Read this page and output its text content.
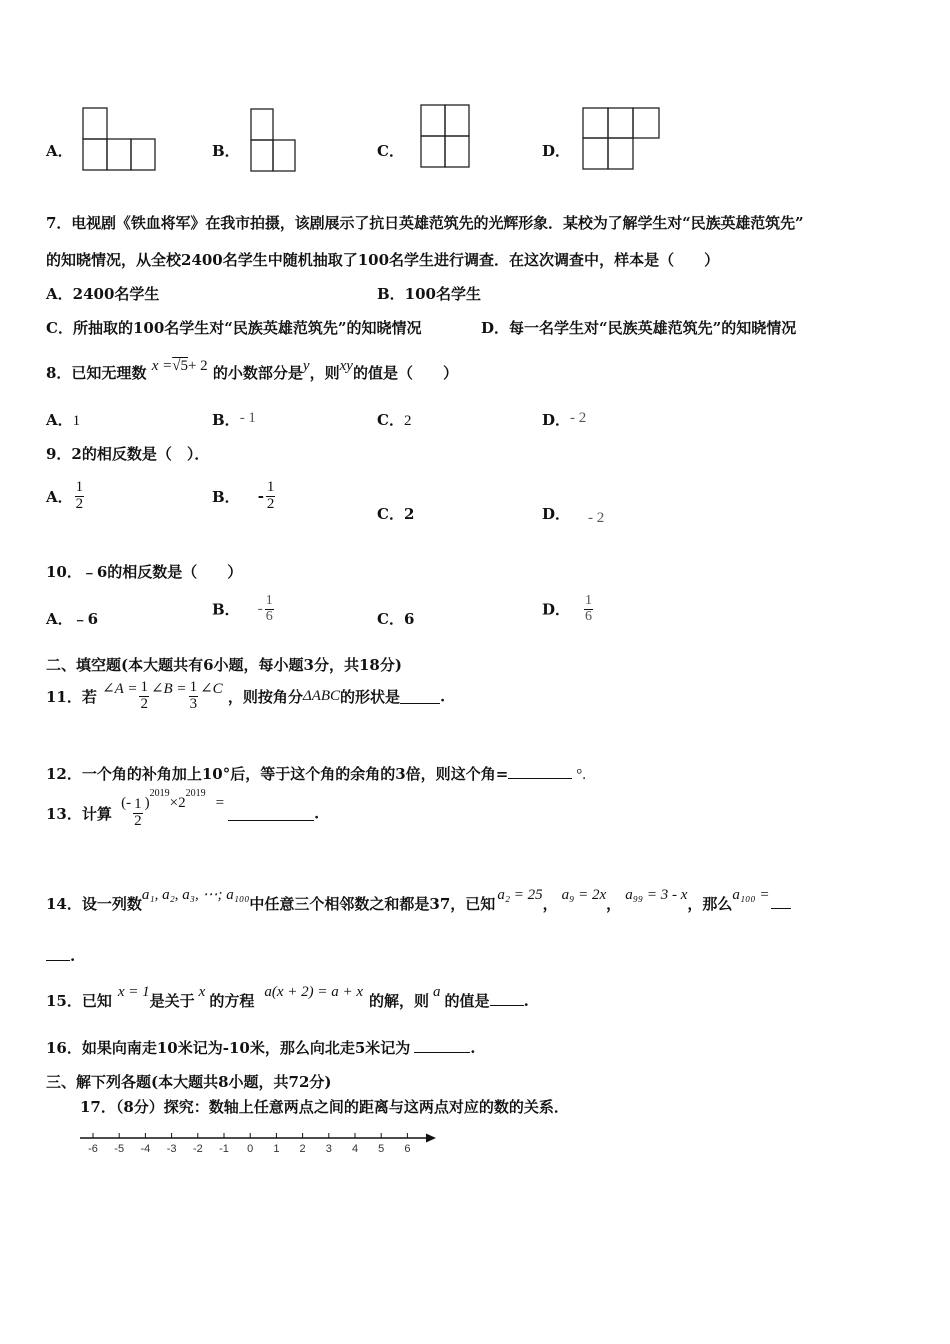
A．	B．	C．	D．
7．电视剧《铁血将军》在我市拍摄，该剧展示了抗日英雄范筑先的光辉形象．某校为了解学生对“民族英雄范筑先”
的知晓情况，从全校2400名学生中随机抽取了100名学生进行调查．在这次调查中，样本是（　　）
A．2400名学生	B．100名学生
C．所抽取的100名学生对“民族英雄范筑先”的知晓情况	D．每一名学生对“民族英雄范筑先”的知晓情况
8．已知无理数 x =√5+ 2 的小数部分是y，则xy的值是（　　）
A．1	B．- 1	C．2	D．- 2
9．2的相反数是（　）．
A． $\frac{1}{2}$	B． - $\frac{1}{2}$
C．2	D． - 2
10．﹣6的相反数是（　　）
A．﹣6
B． - $\frac{1}{6}$	C．6
D． $\frac{1}{6}$
二、填空题(本大题共有6小题，每小题3分，共18分)
11．若 ∠A = $\frac{1}{2}$ ∠B = $\frac{1}{3}$ ∠C ，则按角分ΔABC的形状是	.
12．一个角的补角加上10°后，等于这个角的余角的3倍，则这个角=	°.
13．计算 (- $\frac{1}{2} )^{2019}\times 2^{2019}=$.
14．设一列数a₁, a₂, a₃, ⋯; a₁₀₀中任意三个相邻数之和都是37，已知 a₂ = 25， a₉ = 2x， a₉₉ = 3 - x，那么a₁₀₀ =
.
15．已知 x = 1是关于 x 的方程 a(x + 2) = a + x 的解，则 a 的值是 .
16．如果向南走10米记为-10米，那么向北走5米记为	.
三、解下列各题(本大题共8小题，共72分)
17．（8分）探究：数轴上任意两点之间的距离与这两点对应的数的关系．
-6 -5 -4 -3 -2 -1	0	1	2	3	4	5	6
